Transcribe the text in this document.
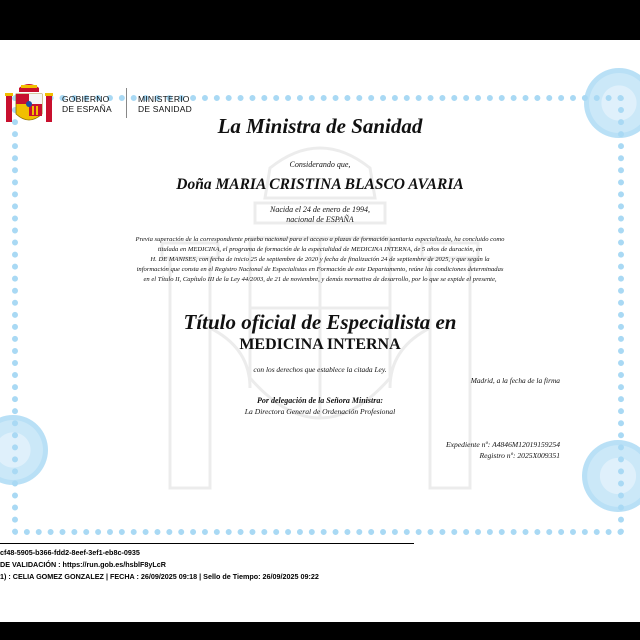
GOBIERNO
DE ESPAÑA
MINISTERIO
DE SANIDAD
La Ministra de Sanidad
Considerando que,
Doña MARIA CRISTINA BLASCO AVARIA
Nacida el 24 de enero de 1994,
nacional de ESPAÑA
Previa superación de la correspondiente prueba nacional para el acceso a plazas de formación sanitaria especializada, ha concluido como
titulada en MEDICINA, el programa de formación de la especialidad de MEDICINA INTERNA, de 5 años de duración, en
H. DE MANISES, con fecha de inicio 25 de septiembre de 2020 y fecha de finalización 24 de septiembre de 2025, y que según la
información que consta en el Registro Nacional de Especialistas en Formación de este Departamento, reúne las condiciones determinadas
en el Título II, Capítulo III de la Ley 44/2003, de 21 de noviembre, y demás normativa de desarrollo, por lo que se expide el presente,
Título oficial de Especialista en
MEDICINA INTERNA
con los derechos que establece la citada Ley.
Madrid, a la fecha de la firma
Por delegación de la Señora Ministra:
La Directora General de Ordenación Profesional
Expediente nº: A4846M12019159254
Registro nº: 2025X009351
cf48-5905-b366-fdd2-8eef-3ef1-eb8c-0935
DE VALIDACIÓN : https://run.gob.es/hsblF8yLcR
1) : CELIA GOMEZ GONZALEZ | FECHA : 26/09/2025 09:18 | Sello de Tiempo: 26/09/2025 09:22
